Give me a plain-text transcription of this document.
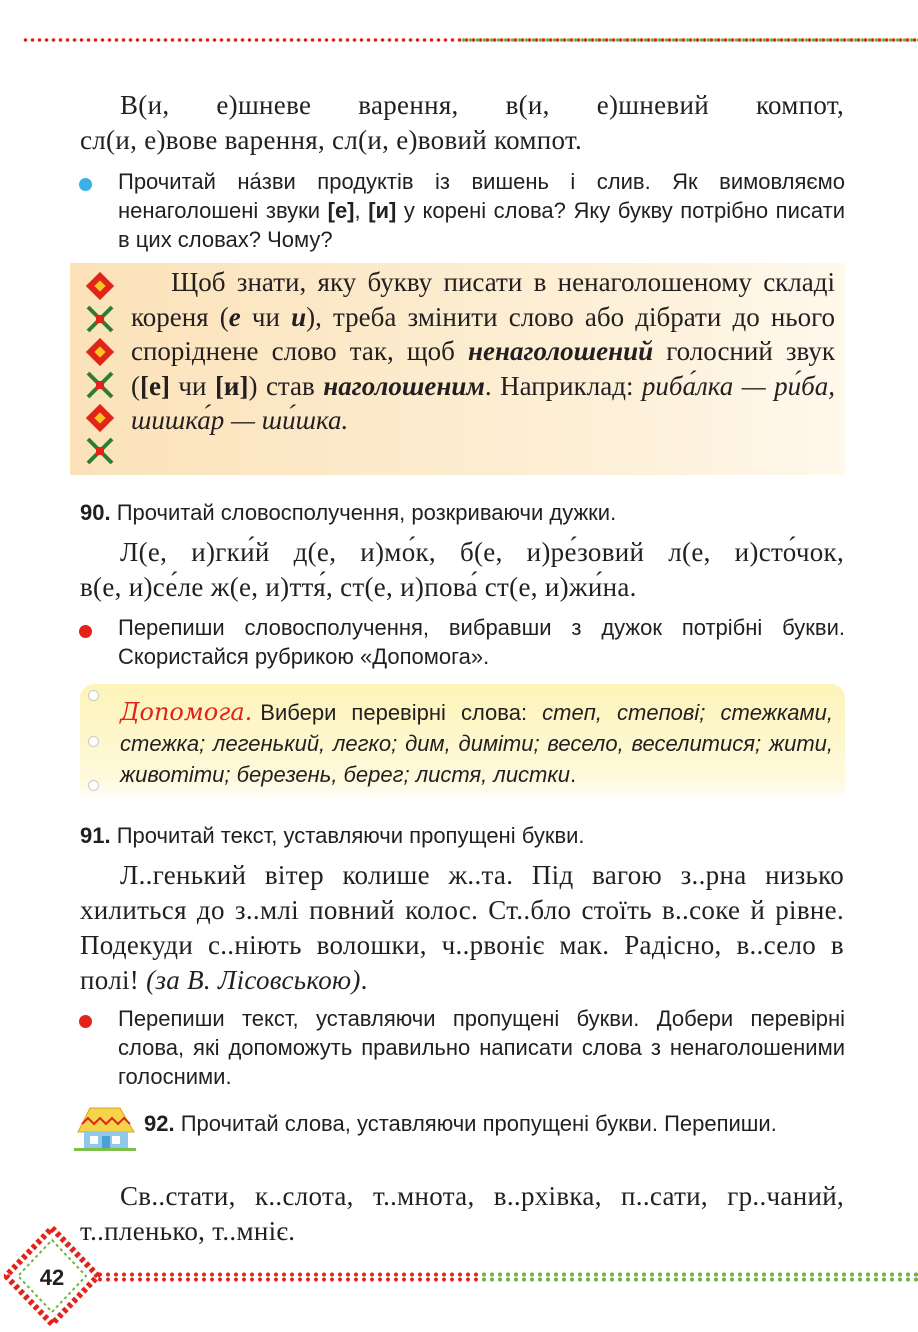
В(и, е)шневе варення, в(и, е)шневий компот,
сл(и, е)вове варення, сл(и, е)вовий компот.
Прочитай на́зви продуктів із вишень і слив. Як вимовляємо ненаголошені звуки [е], [и] у корені слова? Яку букву потрібно писати в цих словах? Чому?
Щоб знати, яку букву писати в ненаголошеному складі кореня (е чи и), треба змінити слово або дібрати до нього споріднене слово так, щоб ненаголошений голосний звук ([е] чи [и]) став наголошеним. Наприклад: риба́лка — ри́ба, шишка́р — ши́шка.
90. Прочитай словосполучення, розкриваючи дужки.
Л(е, и)гки́й д(е, и)мо́к, б(е, и)ре́зовий л(е, и)сто́чок,
в(е, и)се́ле ж(е, и)ття́, ст(е, и)пова́ ст(е, и)жи́на.
Перепиши словосполучення, вибравши з дужок потрібні букви. Скористайся рубрикою «Допомога».
Допомога. Вибери перевірні слова: степ, степові; стежками, стежка; легенький, легко; дим, диміти; весело, веселитися; жити, животіти; березень, берег; листя, листки.
91. Прочитай текст, уставляючи пропущені букви.
Л..генький вітер колише ж..та. Під вагою з..рна низько хилиться до з..млі повний колос. Ст..бло стоїть в..соке й рівне. Подекуди с..ніють волошки, ч..рвоніє мак. Радісно, в..село в полі! (за В. Лісовською).
Перепиши текст, уставляючи пропущені букви. Добери перевірні слова, які допоможуть правильно написати слова з ненаголошеними голосними.
92. Прочитай слова, уставляючи пропущені букви. Перепиши.
Св..стати, к..слота, т..мнота, в..рхівка, п..сати, гр..чаний, т..пленько, т..мніє.
42
